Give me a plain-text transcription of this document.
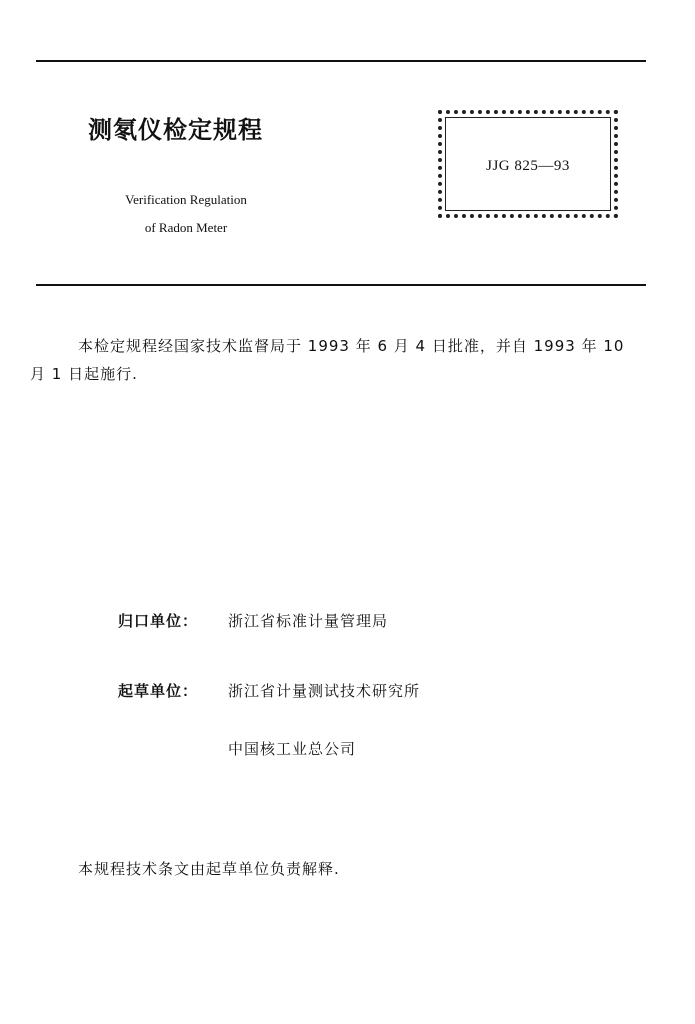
测氡仪检定规程
Verification Regulation
of Radon Meter
JJG 825—93
本检定规程经国家技术监督局于 1993 年 6 月 4 日批准，并自 1993 年 10 月 1 日起施行.
归口单位： 浙江省标准计量管理局
起草单位： 浙江省计量测试技术研究所
中国核工业总公司
本规程技术条文由起草单位负责解释.
